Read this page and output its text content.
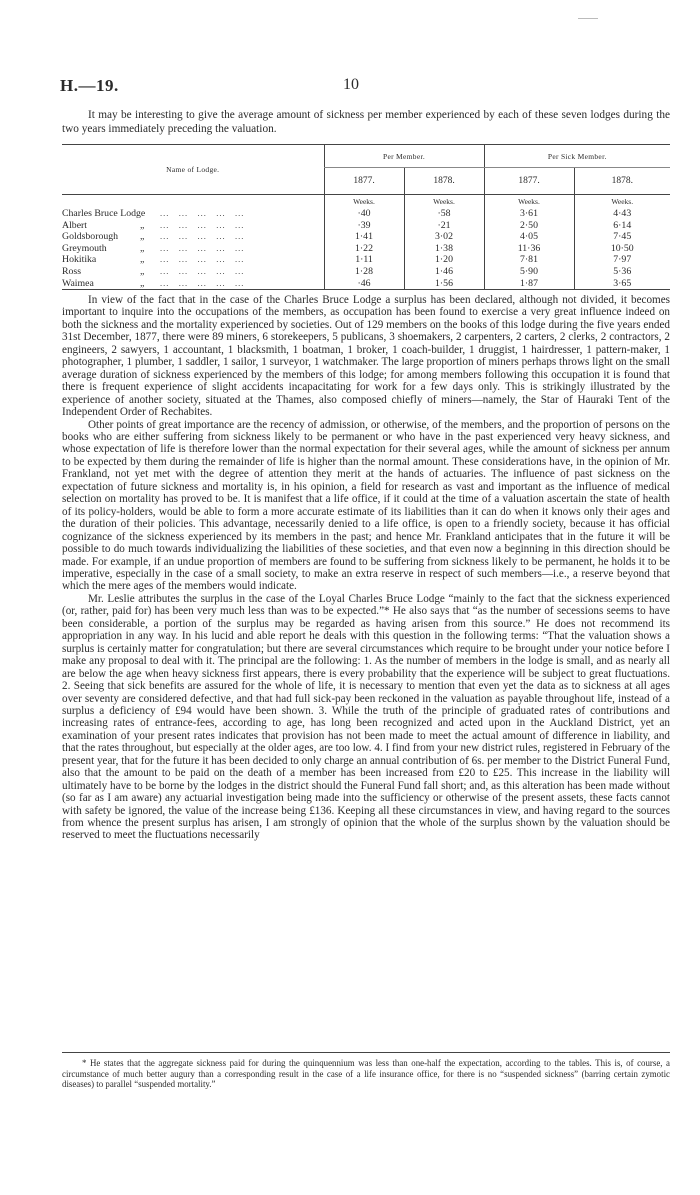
H.—19.	10

It may be interesting to give the average amount of sickness per member experienced by each of these seven lodges during the two years immediately preceding the valuation.

Name of Lodge.	Per Member.		Per Sick Member.	
	1877.	1878.	1877.	1878.
	Weeks.	Weeks.	Weeks.	Weeks.
Charles Bruce Lodge ...   ...   ...   ...   ...	·40	·58	3·61	4·43
Albert „ ...   ...   ...   ...   ...	·39	·21	2·50	6·14
Goldsborough „ ...   ...   ...   ...   ...	1·41	3·02	4·05	7·45
Greymouth „ ...   ...   ...   ...   ...	1·22	1·38	11·36	10·50
Hokitika „ ...   ...   ...   ...   ...	1·11	1·20	7·81	7·97
Ross „ ...   ...   ...   ...   ...	1·28	1·46	5·90	5·36
Waimea „ ...   ...   ...   ...   ...	·46	1·56	1·87	3·65

In view of the fact that in the case of the Charles Bruce Lodge a surplus has been declared, although not divided, it becomes important to inquire into the occupations of the members, as occupation has been found to exercise a very great influence indeed on both the sickness and the mortality experienced by societies. Out of 129 members on the books of this lodge during the five years ended 31st December, 1877, there were 89 miners, 6 storekeepers, 5 publicans, 3 shoemakers, 2 carpenters, 2 carters, 2 clerks, 2 contractors, 2 engineers, 2 sawyers, 1 accountant, 1 blacksmith, 1 boatman, 1 broker, 1 coach-builder, 1 druggist, 1 hairdresser, 1 pattern-maker, 1 photographer, 1 plumber, 1 saddler, 1 sailor, 1 surveyor, 1 watchmaker. The large proportion of miners perhaps throws light on the small average duration of sickness experienced by the members of this lodge; for among members following this occupation it is found that there is frequent experience of slight accidents incapacitating for work for a few days only. This is strikingly illustrated by the experience of another society, situated at the Thames, also composed chiefly of miners—namely, the Star of Hauraki Tent of the Independent Order of Rechabites.

Other points of great importance are the recency of admission, or otherwise, of the members, and the proportion of persons on the books who are either suffering from sickness likely to be permanent or who have in the past experienced very heavy sickness, and whose expectation of life is therefore lower than the normal expectation for their several ages, while the amount of sickness per annum to be expected by them during the remainder of life is higher than the normal amount. These considerations have, in the opinion of Mr. Frankland, not yet met with the degree of attention they merit at the hands of actuaries. The influence of past sickness on the expectation of future sickness and mortality is, in his opinion, a field for research as vast and important as the influence of medical selection on mortality has proved to be. It is manifest that a life office, if it could at the time of a valuation ascertain the state of health of its policy-holders, would be able to form a more accurate estimate of its liabilities than it can do when it knows only their ages and the duration of their policies. This advantage, necessarily denied to a life office, is open to a friendly society, because it has official cognizance of the sickness experienced by its members in the past; and hence Mr. Frankland anticipates that in the future it will be possible to do much towards individualizing the liabilities of these societies, and that even now a beginning in this direction should be made. For example, if an undue proportion of members are found to be suffering from sickness likely to be permanent, he holds it to be imperative, especially in the case of a small society, to make an extra reserve in respect of such members—i.e., a reserve beyond that which the mere ages of the members would indicate.

Mr. Leslie attributes the surplus in the case of the Loyal Charles Bruce Lodge “mainly to the fact that the sickness experienced (or, rather, paid for) has been very much less than was to be expected.”* He also says that “as the number of secessions seems to have been considerable, a portion of the surplus may be regarded as having arisen from this source.” He does not recommend its appropriation in any way. In his lucid and able report he deals with this question in the following terms: “That the valuation shows a surplus is certainly matter for congratulation; but there are several circumstances which require to be brought under your notice before I make any proposal to deal with it. The principal are the following: 1. As the number of members in the lodge is small, and as nearly all are below the age when heavy sickness first appears, there is every probability that the experience will be subject to great fluctuations. 2. Seeing that sick benefits are assured for the whole of life, it is necessary to mention that even yet the data as to sickness at all ages over seventy are considered defective, and that had full sick-pay been reckoned in the valuation as payable throughout life, instead of a surplus a deficiency of £94 would have been shown. 3. While the truth of the principle of graduated rates of contributions and increasing rates of entrance-fees, according to age, has long been recognized and acted upon in the Auckland District, yet an examination of your present rates indicates that provision has not been made to meet the actual amount of difference in liability, and that the rates throughout, but especially at the older ages, are too low. 4. I find from your new district rules, registered in February of the present year, that for the future it has been decided to only charge an annual contribution of 6s. per member to the District Funeral Fund, also that the amount to be paid on the death of a member has been increased from £20 to £25. This increase in the liability will ultimately have to be borne by the lodges in the district should the Funeral Fund fall short; and, as this alteration has been made without (so far as I am aware) any actuarial investigation being made into the sufficiency or otherwise of the present assets, these facts cannot with safety be ignored, the value of the increase being £136. Keeping all these circumstances in view, and having regard to the sources from whence the present surplus has arisen, I am strongly of opinion that the whole of the surplus shown by the valuation should be reserved to meet the fluctuations necessarily

* He states that the aggregate sickness paid for during the quinquennium was less than one-half the expectation, according to the tables. This is, of course, a circumstance of much better augury than a corresponding result in the case of a life insurance office, for there is no “suspended sickness” (barring certain zymotic diseases) to parallel “suspended mortality.”
